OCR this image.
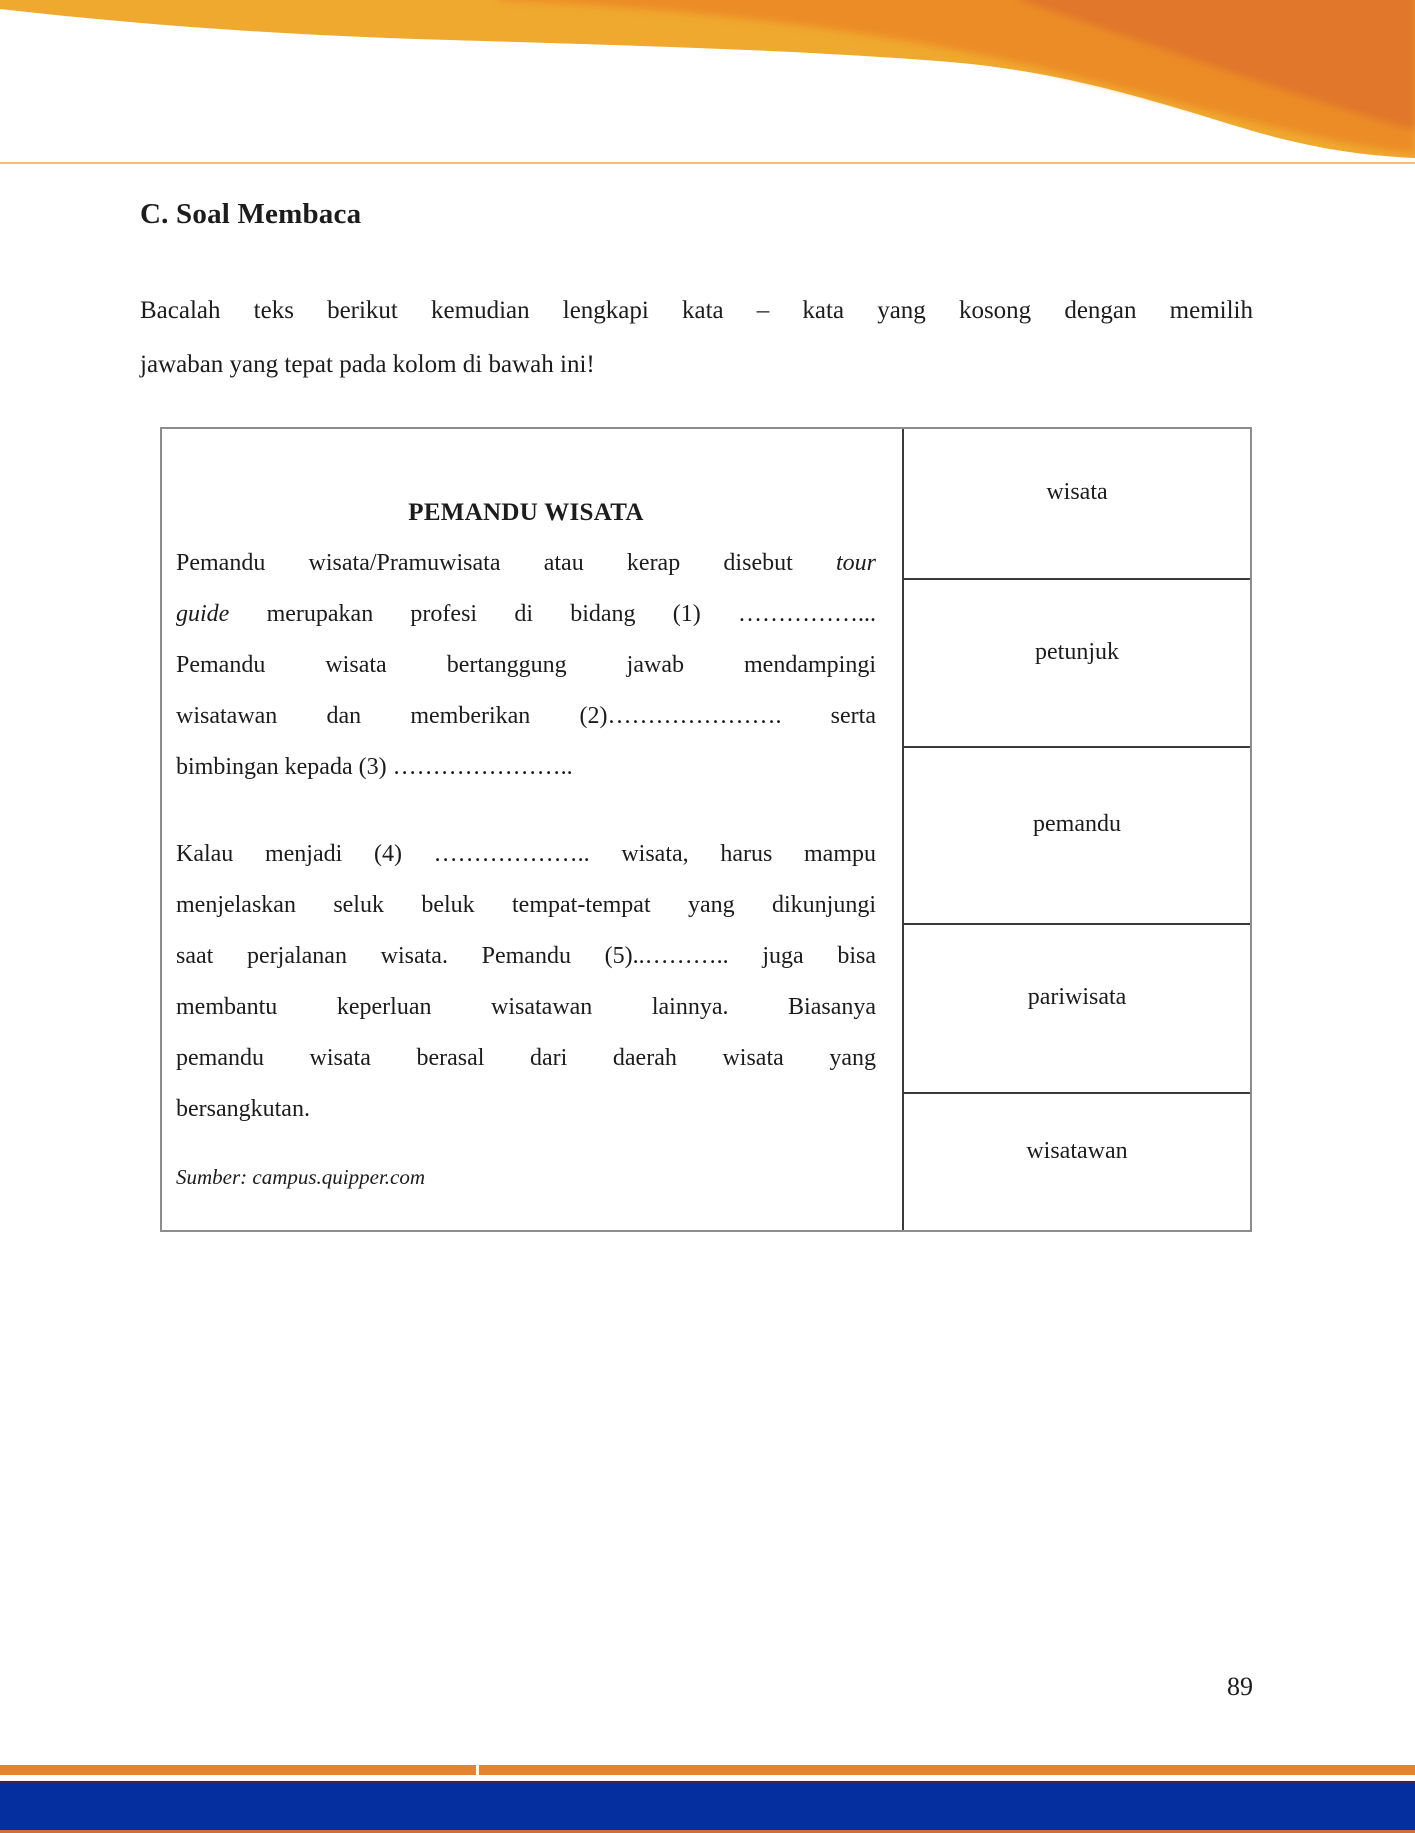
C. Soal Membaca
Bacalah teks berikut kemudian lengkapi kata – kata yang kosong dengan memilih
jawaban yang tepat pada kolom di bawah ini!
PEMANDU WISATA

Pemandu wisata/Pramuwisata atau kerap disebut tour
guide merupakan profesi di bidang (1) ……………...
Pemandu wisata bertanggung jawab mendampingi
wisatawan dan memberikan (2)…………………. serta
bimbingan kepada (3) …………………..

Kalau menjadi (4) ……………….. wisata, harus mampu
menjelaskan seluk beluk tempat-tempat yang dikunjungi
saat perjalanan wisata. Pemandu (5)..……….. juga bisa
membantu keperluan wisatawan lainnya. Biasanya
pemandu wisata berasal dari daerah wisata yang
bersangkutan.

Sumber: campus.quipper.com
wisata
petunjuk
pemandu
pariwisata
wisatawan
89
